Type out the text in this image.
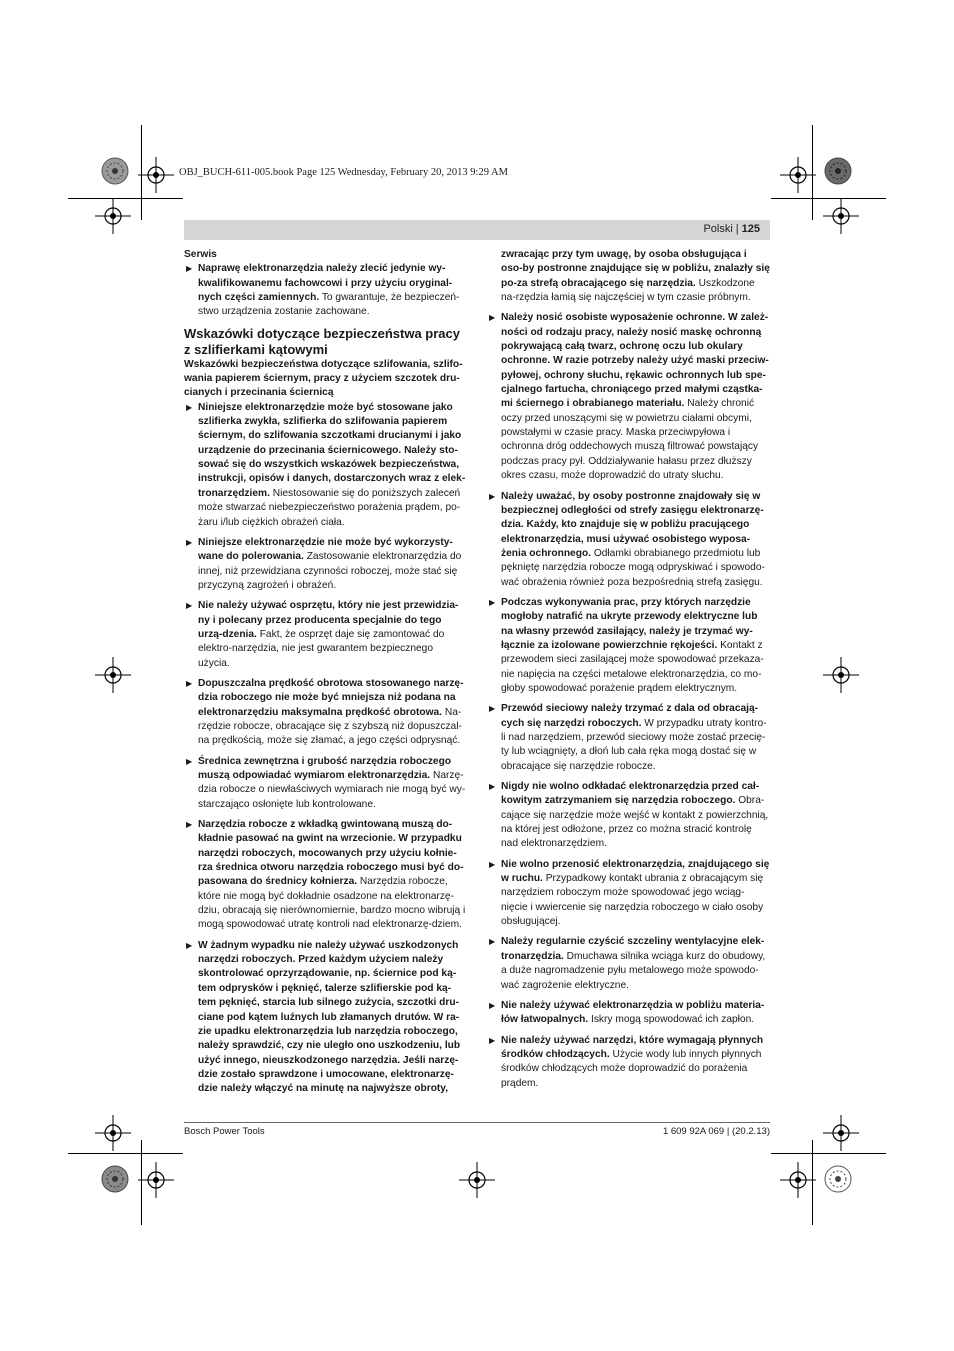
OBJ_BUCH-611-005.book Page 125 Wednesday, February 20, 2013 9:29 AM
Polski | 125

Serwis

▶ Naprawę elektronarzędzia należy zlecić jedynie wy-kwalifikowanemu fachowcowi i przy użyciu oryginal-nych części zamiennych. To gwarantuje, że bezpieczeń-stwo urządzenia zostanie zachowane.

Wskazówki dotyczące bezpieczeństwa pracy z szlifierkami kątowymi

Wskazówki bezpieczeństwa dotyczące szlifowania, szlifo-wania papierem ściernym, pracy z użyciem szczotek dru-cianych i przecinania ściernicą

▶ Niniejsze elektronarzędzie może być stosowane jako szlifierka zwykła, szlifierka do szlifowania papierem ściernym, do szlifowania szczotkami drucianymi i jako urządzenie do przecinania ściernicowego. Należy sto-sować się do wszystkich wskazówek bezpieczeństwa, instrukcji, opisów i danych, dostarczonych wraz z elek-tronarzędziem. Niestosowanie się do poniższych zaleceń może stwarzać niebezpieczeństwo porażenia prądem, po-żaru i/lub ciężkich obrażeń ciała.
▶ Niniejsze elektronarzędzie nie może być wykorzysty-wane do polerowania. Zastosowanie elektronarzędzia do innej, niż przewidziana czynności roboczej, może stać się przyczyną zagrożeń i obrażeń.
▶ Nie należy używać osprzętu, który nie jest przewidzia-ny i polecany przez producenta specjalnie do tego urzą-dzenia. Fakt, że osprzęt daje się zamontować do elektro-narzędzia, nie jest gwarantem bezpiecznego użycia.
▶ Dopuszczalna prędkość obrotowa stosowanego narzę-dzia roboczego nie może być mniejsza niż podana na elektronarzędziu maksymalna prędkość obrotowa. Na-rzędzie robocze, obracające się z szybszą niż dopuszczal-na prędkością, może się złamać, a jego części odprysnąć.
▶ Średnica zewnętrzna i grubość narzędzia roboczego muszą odpowiadać wymiarom elektronarzędzia. Narzę-dzia robocze o niewłaściwych wymiarach nie mogą być wy-starczająco osłonięte lub kontrolowane.
▶ Narzędzia robocze z wkładką gwintowaną muszą do-kładnie pasować na gwint na wrzecionie. W przypadku narzędzi roboczych, mocowanych przy użyciu kołnie-rza średnica otworu narzędzia roboczego musi być do-pasowana do średnicy kołnierza. Narzędzia robocze, które nie mogą być dokładnie osadzone na elektronarzę-dziu, obracają się nierównomiernie, bardzo mocno wibrują i mogą spowodować utratę kontroli nad elektronarzę-dziem.
▶ W żadnym wypadku nie należy używać uszkodzonych narzędzi roboczych. Przed każdym użyciem należy skontrolować oprzyrządowanie, np. ściernice pod ką-tem odprysków i pęknięć, talerze szlifierskie pod ką-tem pęknięć, starcia lub silnego zużycia, szczotki dru-ciane pod kątem luźnych lub złamanych drutów. W ra-zie upadku elektronarzędzia lub narzędzia roboczego, należy sprawdzić, czy nie uległo ono uszkodzeniu, lub użyć innego, nieuszkodzonego narzędzia. Jeśli narzę-dzie zostało sprawdzone i umocowane, elektronarzę-dzie należy włączyć na minutę na najwyższe obroty,
zwracając przy tym uwagę, by osoba obsługująca i oso-by postronne znajdujące się w pobliżu, znalazły się po-za strefą obracającego się narzędzia. Uszkodzone na-rzędzia łamią się najczęściej w tym czasie próbnym.
▶ Należy nosić osobiste wyposażenie ochronne. W zależ-ności od rodzaju pracy, należy nosić maskę ochronną pokrywającą całą twarz, ochronę oczu lub okulary ochronne. W razie potrzeby należy użyć maski przeciw-pyłowej, ochrony słuchu, rękawic ochronnych lub spe-cjalnego fartucha, chroniącego przed małymi cząstka-mi ściernego i obrabianego materiału. Należy chronić oczy przed unoszącymi się w powietrzu ciałami obcymi, powstałymi w czasie pracy. Maska przeciwpyłowa i ochronna dróg oddechowych muszą filtrować powstający podczas pracy pył. Oddziaływanie hałasu przez dłuższy okres czasu, może doprowadzić do utraty słuchu.
▶ Należy uważać, by osoby postronne znajdowały się w bezpiecznej odległości od strefy zasięgu elektronarzę-dzia. Każdy, kto znajduje się w pobliżu pracującego elektronarzędzia, musi używać osobistego wyposa-żenia ochronnego. Odłamki obrabianego przedmiotu lub pękniętę narzędzia robocze mogą odpryskiwać i spowodo-wać obrażenia również poza bezpośrednią strefą zasięgu.
▶ Podczas wykonywania prac, przy których narzędzie mogłoby natrafić na ukryte przewody elektryczne lub na własny przewód zasilający, należy je trzymać wy-łącznie za izolowane powierzchnie rękojeści. Kontakt z przewodem sieci zasilającej może spowodować przekaza-nie napięcia na części metalowe elektronarzędzia, co mo-głoby spowodować porażenie prądem elektrycznym.
▶ Przewód sieciowy należy trzymać z dala od obracają-cych się narzędzi roboczych. W przypadku utraty kontro-li nad narzędziem, przewód sieciowy może zostać przecię-ty lub wciągnięty, a dłoń lub cała ręka mogą dostać się w obracające się narzędzie robocze.
▶ Nigdy nie wolno odkładać elektronarzędzia przed cał-kowitym zatrzymaniem się narzędzia roboczego. Obra-cające się narzędzie może wejść w kontakt z powierzchnią, na której jest odłożone, przez co można stracić kontrolę nad elektronarzędziem.
▶ Nie wolno przenosić elektronarzędzia, znajdującego się w ruchu. Przypadkowy kontakt ubrania z obracającym się narzędziem roboczym może spowodować jego wciąg-nięcie i wwiercenie się narzędzia roboczego w ciało osoby obsługującej.
▶ Należy regularnie czyścić szczeliny wentylacyjne elek-tronarzędzia. Dmuchawa silnika wciąga kurz do obudowy, a duże nagromadzenie pyłu metalowego może spowodo-wać zagrożenie elektryczne.
▶ Nie należy używać elektronarzędzia w pobliżu materia-łów łatwopalnych. Iskry mogą spowodować ich zapłon.
▶ Nie należy używać narzędzi, które wymagają płynnych środków chłodzących. Użycie wody lub innych płynnych środków chłodzących może doprowadzić do porażenia prądem.
Bosch Power Tools	1 609 92A 069 | (20.2.13)
